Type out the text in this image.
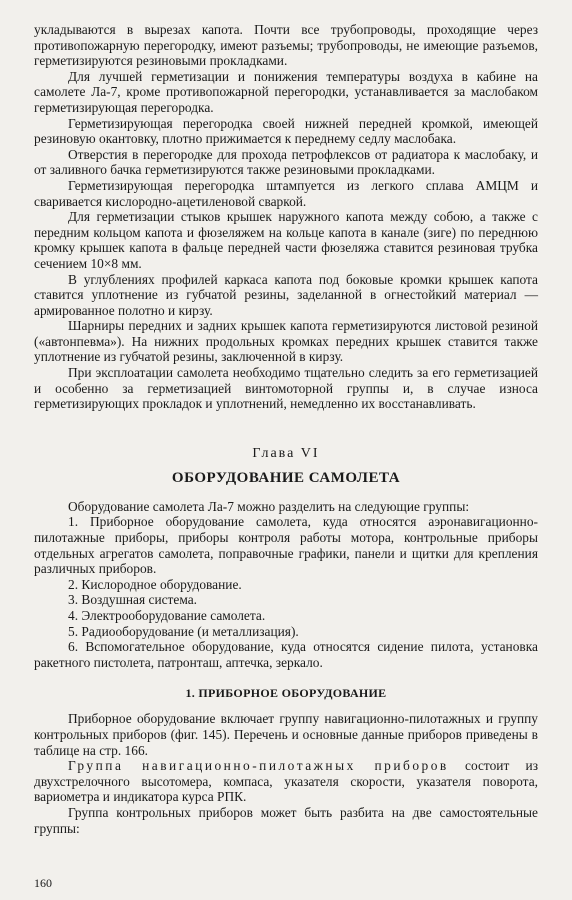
укладываются в вырезах капота. Почти все трубопроводы, проходящие через противопожарную перегородку, имеют разъемы; трубопроводы, не имеющие разъемов, герметизируются резиновыми прокладками.

Для лучшей герметизации и понижения температуры воздуха в кабине на самолете Ла-7, кроме противопожарной перегородки, устанавливается за маслобаком герметизирующая перегородка.

Герметизирующая перегородка своей нижней передней кромкой, имеющей резиновую окантовку, плотно прижимается к переднему седлу маслобака.

Отверстия в перегородке для прохода петрофлексов от радиатора к маслобаку, и от заливного бачка герметизируются также резиновыми прокладками.

Герметизирующая перегородка штампуется из легкого сплава АМЦМ и сваривается кислородно-ацетиленовой сваркой.

Для герметизации стыков крышек наружного капота между собою, а также с передним кольцом капота и фюзеляжем на кольце капота в канале (зиге) по переднюю кромку крышек капота в фальце передней части фюзеляжа ставится резиновая трубка сечением 10×8 мм.

В углублениях профилей каркаса капота под боковые кромки крышек капота ставится уплотнение из губчатой резины, заделанной в огнестойкий материал — армированное полотно и кирзу.

Шарниры передних и задних крышек капота герметизируются листовой резиной («автонпевма»). На нижних продольных кромках передних крышек ставится также уплотнение из губчатой резины, заключенной в кирзу.

При эксплоатации самолета необходимо тщательно следить за его герметизацией и особенно за герметизацией винтомоторной группы и, в случае износа герметизирующих прокладок и уплотнений, немедленно их восстанавливать.

Глава VI
ОБОРУДОВАНИЕ САМОЛЕТА

Оборудование самолета Ла-7 можно разделить на следующие группы:

1. Приборное оборудование самолета, куда относятся аэронавигационно-пилотажные приборы, приборы контроля работы мотора, контрольные приборы отдельных агрегатов самолета, поправочные графики, панели и щитки для крепления различных приборов.

2. Кислородное оборудование.

3. Воздушная система.

4. Электрооборудование самолета.

5. Радиооборудование (и металлизация).

6. Вспомогательное оборудование, куда относятся сидение пилота, установка ракетного пистолета, патронташ, аптечка, зеркало.

1. ПРИБОРНОЕ ОБОРУДОВАНИЕ

Приборное оборудование включает группу навигационно-пилотажных и группу контрольных приборов (фиг. 145). Перечень и основные данные приборов приведены в таблице на стр. 166.

Группа навигационно-пилотажных приборов состоит из двухстрелочного высотомера, компаса, указателя скорости, указателя поворота, вариометра и индикатора курса РПК.

Группа контрольных приборов может быть разбита на две самостоятельные группы:

160
